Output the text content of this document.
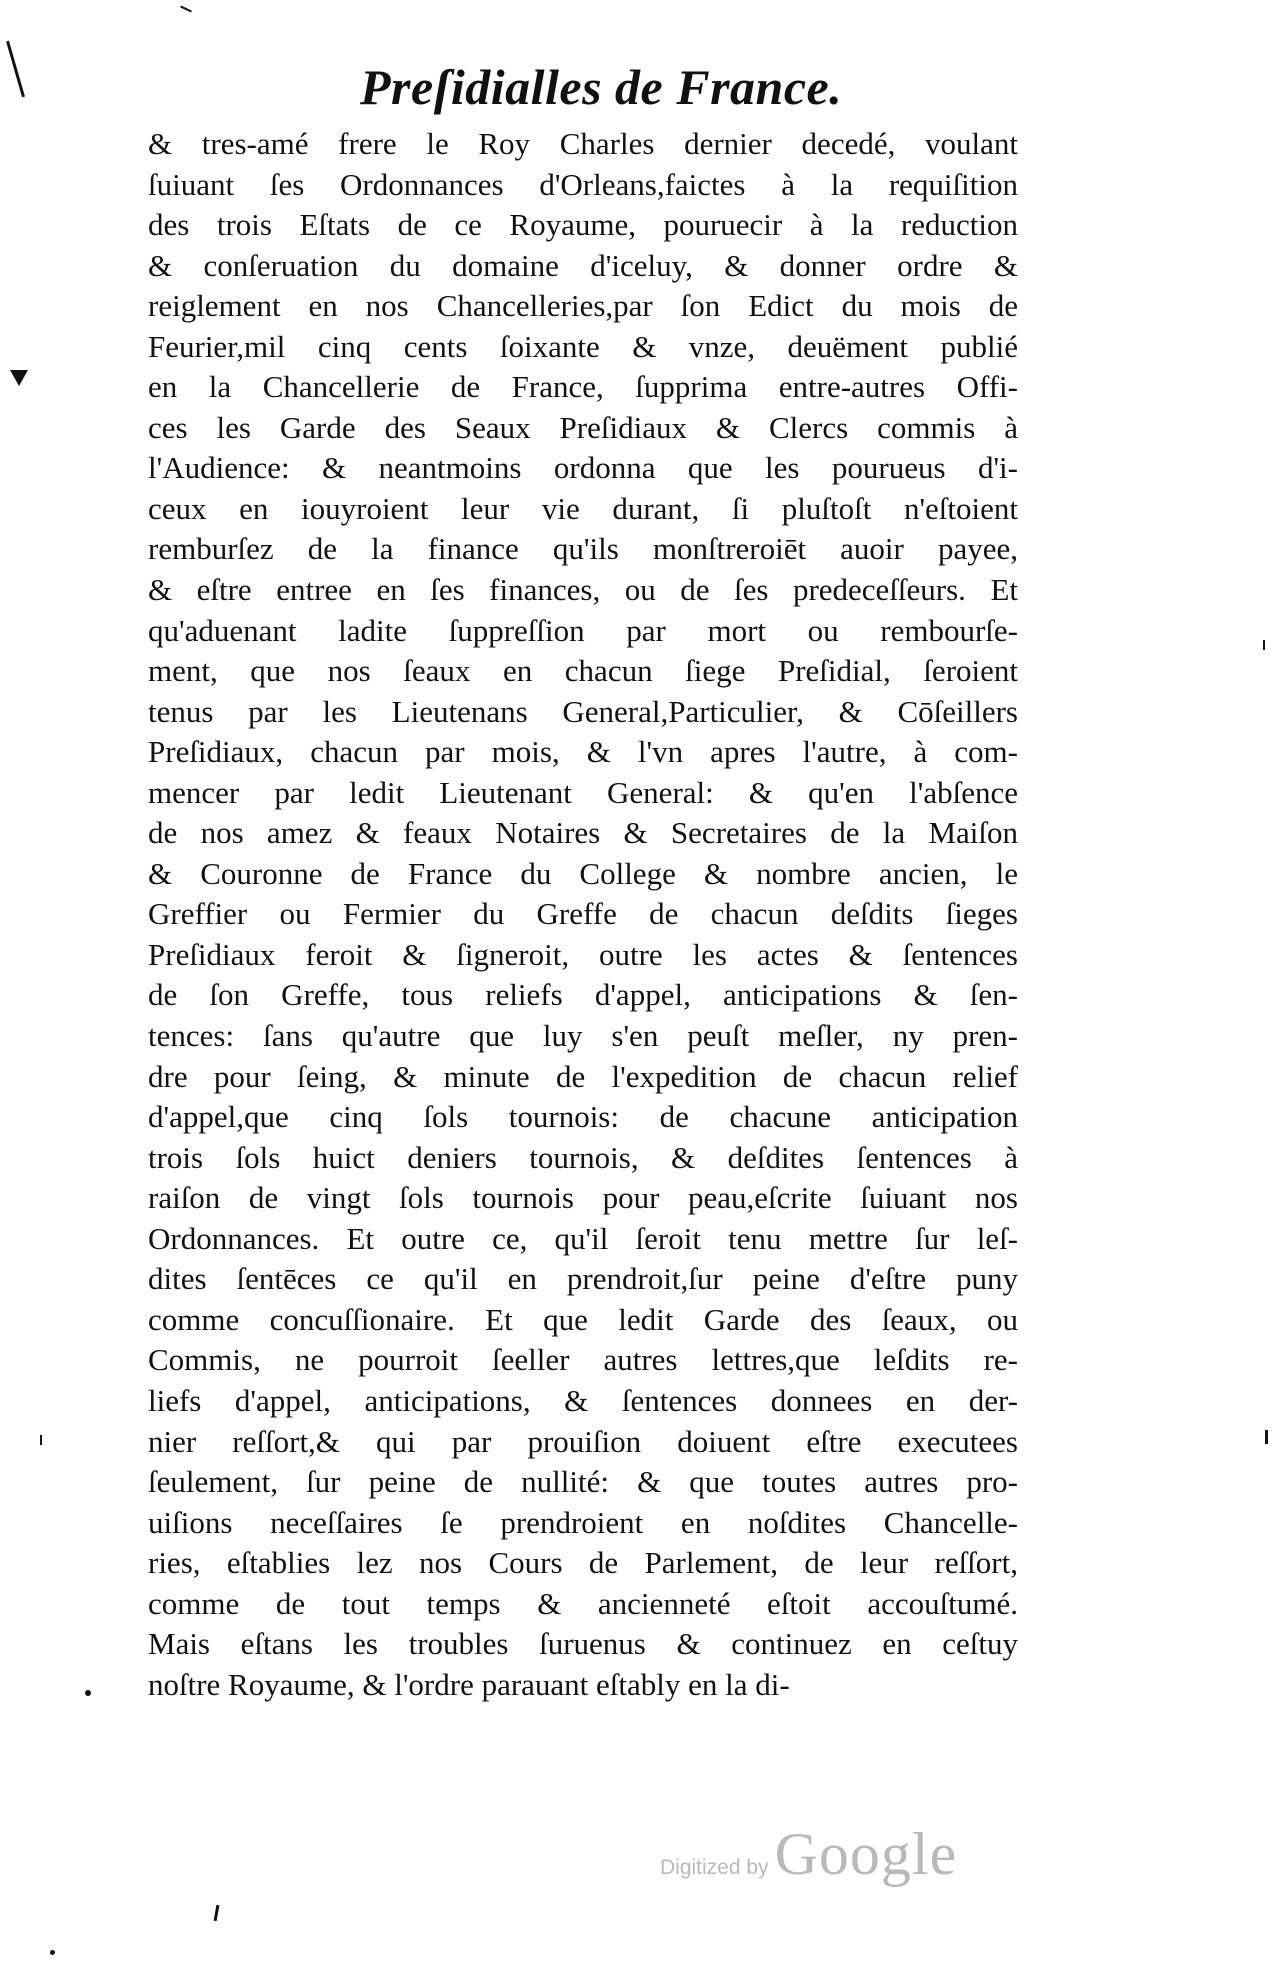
Preſidialles de France.
& tres-amé frere le Roy Charles dernier decedé, voulant
ſuiuant ſes Ordonnances d'Orleans,faictes à la requiſition
des trois Eſtats de ce Royaume, pouruecir à la reduction
& conſeruation du domaine d'iceluy, & donner ordre &
reiglement en nos Chancelleries,par ſon Edict du mois de
Feurier,mil cinq cents ſoixante & vnze, deuëment publié
en la Chancellerie de France, ſupprima entre-autres Offi-
ces les Garde des Seaux Preſidiaux & Clercs commis à
l'Audience: & neantmoins ordonna que les pourueus d'i-
ceux en iouyroient leur vie durant, ſi pluſtoſt n'eſtoient
remburſez de la finance qu'ils monſtreroiēt auoir payee,
& eſtre entree en ſes finances, ou de ſes predeceſſeurs. Et
qu'aduenant ladite ſuppreſſion par mort ou rembourſe-
ment, que nos ſeaux en chacun ſiege Preſidial, ſeroient
tenus par les Lieutenans General,Particulier, & Cōſeillers
Preſidiaux, chacun par mois, & l'vn apres l'autre, à com-
mencer par ledit Lieutenant General: & qu'en l'abſence
de nos amez & feaux Notaires & Secretaires de la Maiſon
& Couronne de France du College & nombre ancien, le
Greffier ou Fermier du Greffe de chacun deſdits ſieges
Preſidiaux feroit & ſigneroit, outre les actes & ſentences
de ſon Greffe, tous reliefs d'appel, anticipations & ſen-
tences: ſans qu'autre que luy s'en peuſt meſler, ny pren-
dre pour ſeing, & minute de l'expedition de chacun relief
d'appel,que cinq ſols tournois: de chacune anticipation
trois ſols huict deniers tournois, & deſdites ſentences à
raiſon de vingt ſols tournois pour peau,eſcrite ſuiuant nos
Ordonnances. Et outre ce, qu'il ſeroit tenu mettre ſur leſ-
dites ſentēces ce qu'il en prendroit,ſur peine d'eſtre puny
comme concuſſionaire. Et que ledit Garde des ſeaux, ou
Commis, ne pourroit ſeeller autres lettres,que leſdits re-
liefs d'appel, anticipations, & ſentences donnees en der-
nier reſſort,& qui par prouiſion doiuent eſtre executees
ſeulement, ſur peine de nullité: & que toutes autres pro-
uiſions neceſſaires ſe prendroient en noſdites Chancelle-
ries, eſtablies lez nos Cours de Parlement, de leur reſſort,
comme de tout temps & ancienneté eſtoit accouſtumé.
Mais eſtans les troubles ſuruenus & continuez en ceſtuy
noſtre Royaume, & l'ordre parauant eſtably en la di-
Digitized by Google
